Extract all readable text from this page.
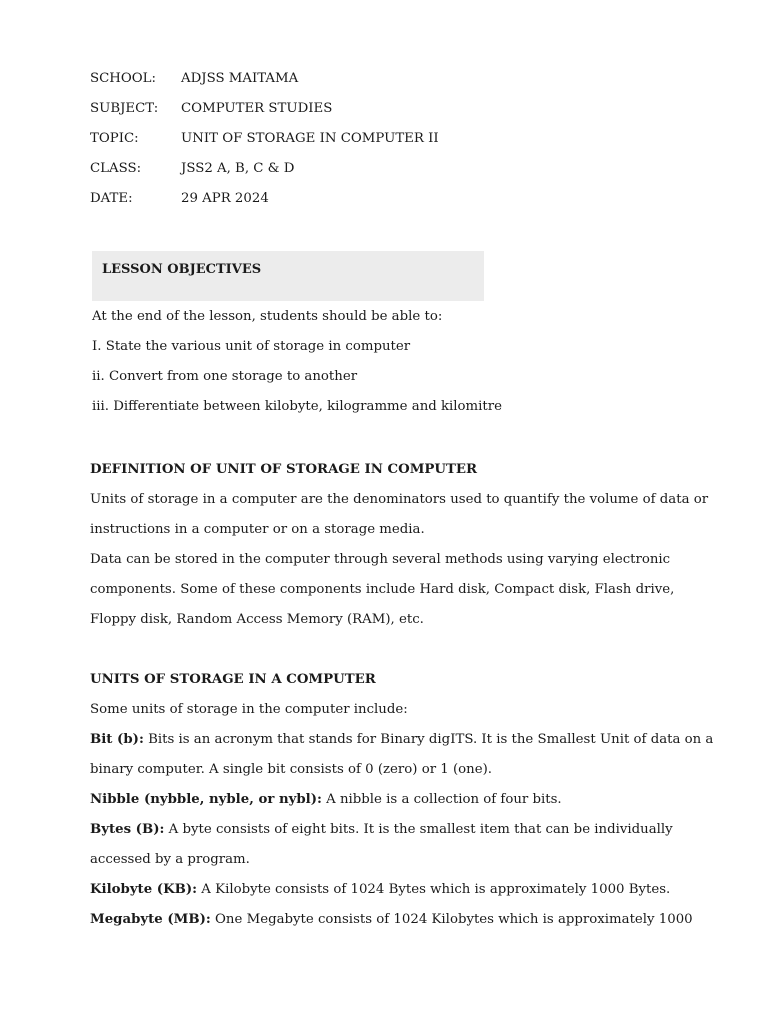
SCHOOL: ADJSS MAITAMA
SUBJECT: COMPUTER STUDIES
TOPIC:	UNIT OF STORAGE IN COMPUTER II
CLASS:	JSS2 A, B, C & D
DATE:	29 APR 2024
LESSON OBJECTIVES
At the end of the lesson, students should be able to:
I. State the various unit of storage in computer
ii. Convert from one storage to another
iii. Differentiate between kilobyte, kilogramme and kilomitre
DEFINITION OF UNIT OF STORAGE IN COMPUTER
Units of storage in a computer are the denominators used to quantify the volume of data or
instructions in a computer or on a storage media.
Data can be stored in the computer through several methods using varying electronic
components. Some of these components include Hard disk, Compact disk, Flash drive,
Floppy disk, Random Access Memory (RAM), etc.
UNITS OF STORAGE IN A COMPUTER
Some units of storage in the computer include:
Bit (b): Bits is an acronym that stands for Binary digITS. It is the Smallest Unit of data on a
binary computer. A single bit consists of 0 (zero) or 1 (one).
Nibble (nybble, nyble, or nybl): A nibble is a collection of four bits.
Bytes (B): A byte consists of eight bits. It is the smallest item that can be individually
accessed by a program.
Kilobyte (KB): A Kilobyte consists of 1024 Bytes which is approximately 1000 Bytes.
Megabyte (MB): One Megabyte consists of 1024 Kilobytes which is approximately 1000
